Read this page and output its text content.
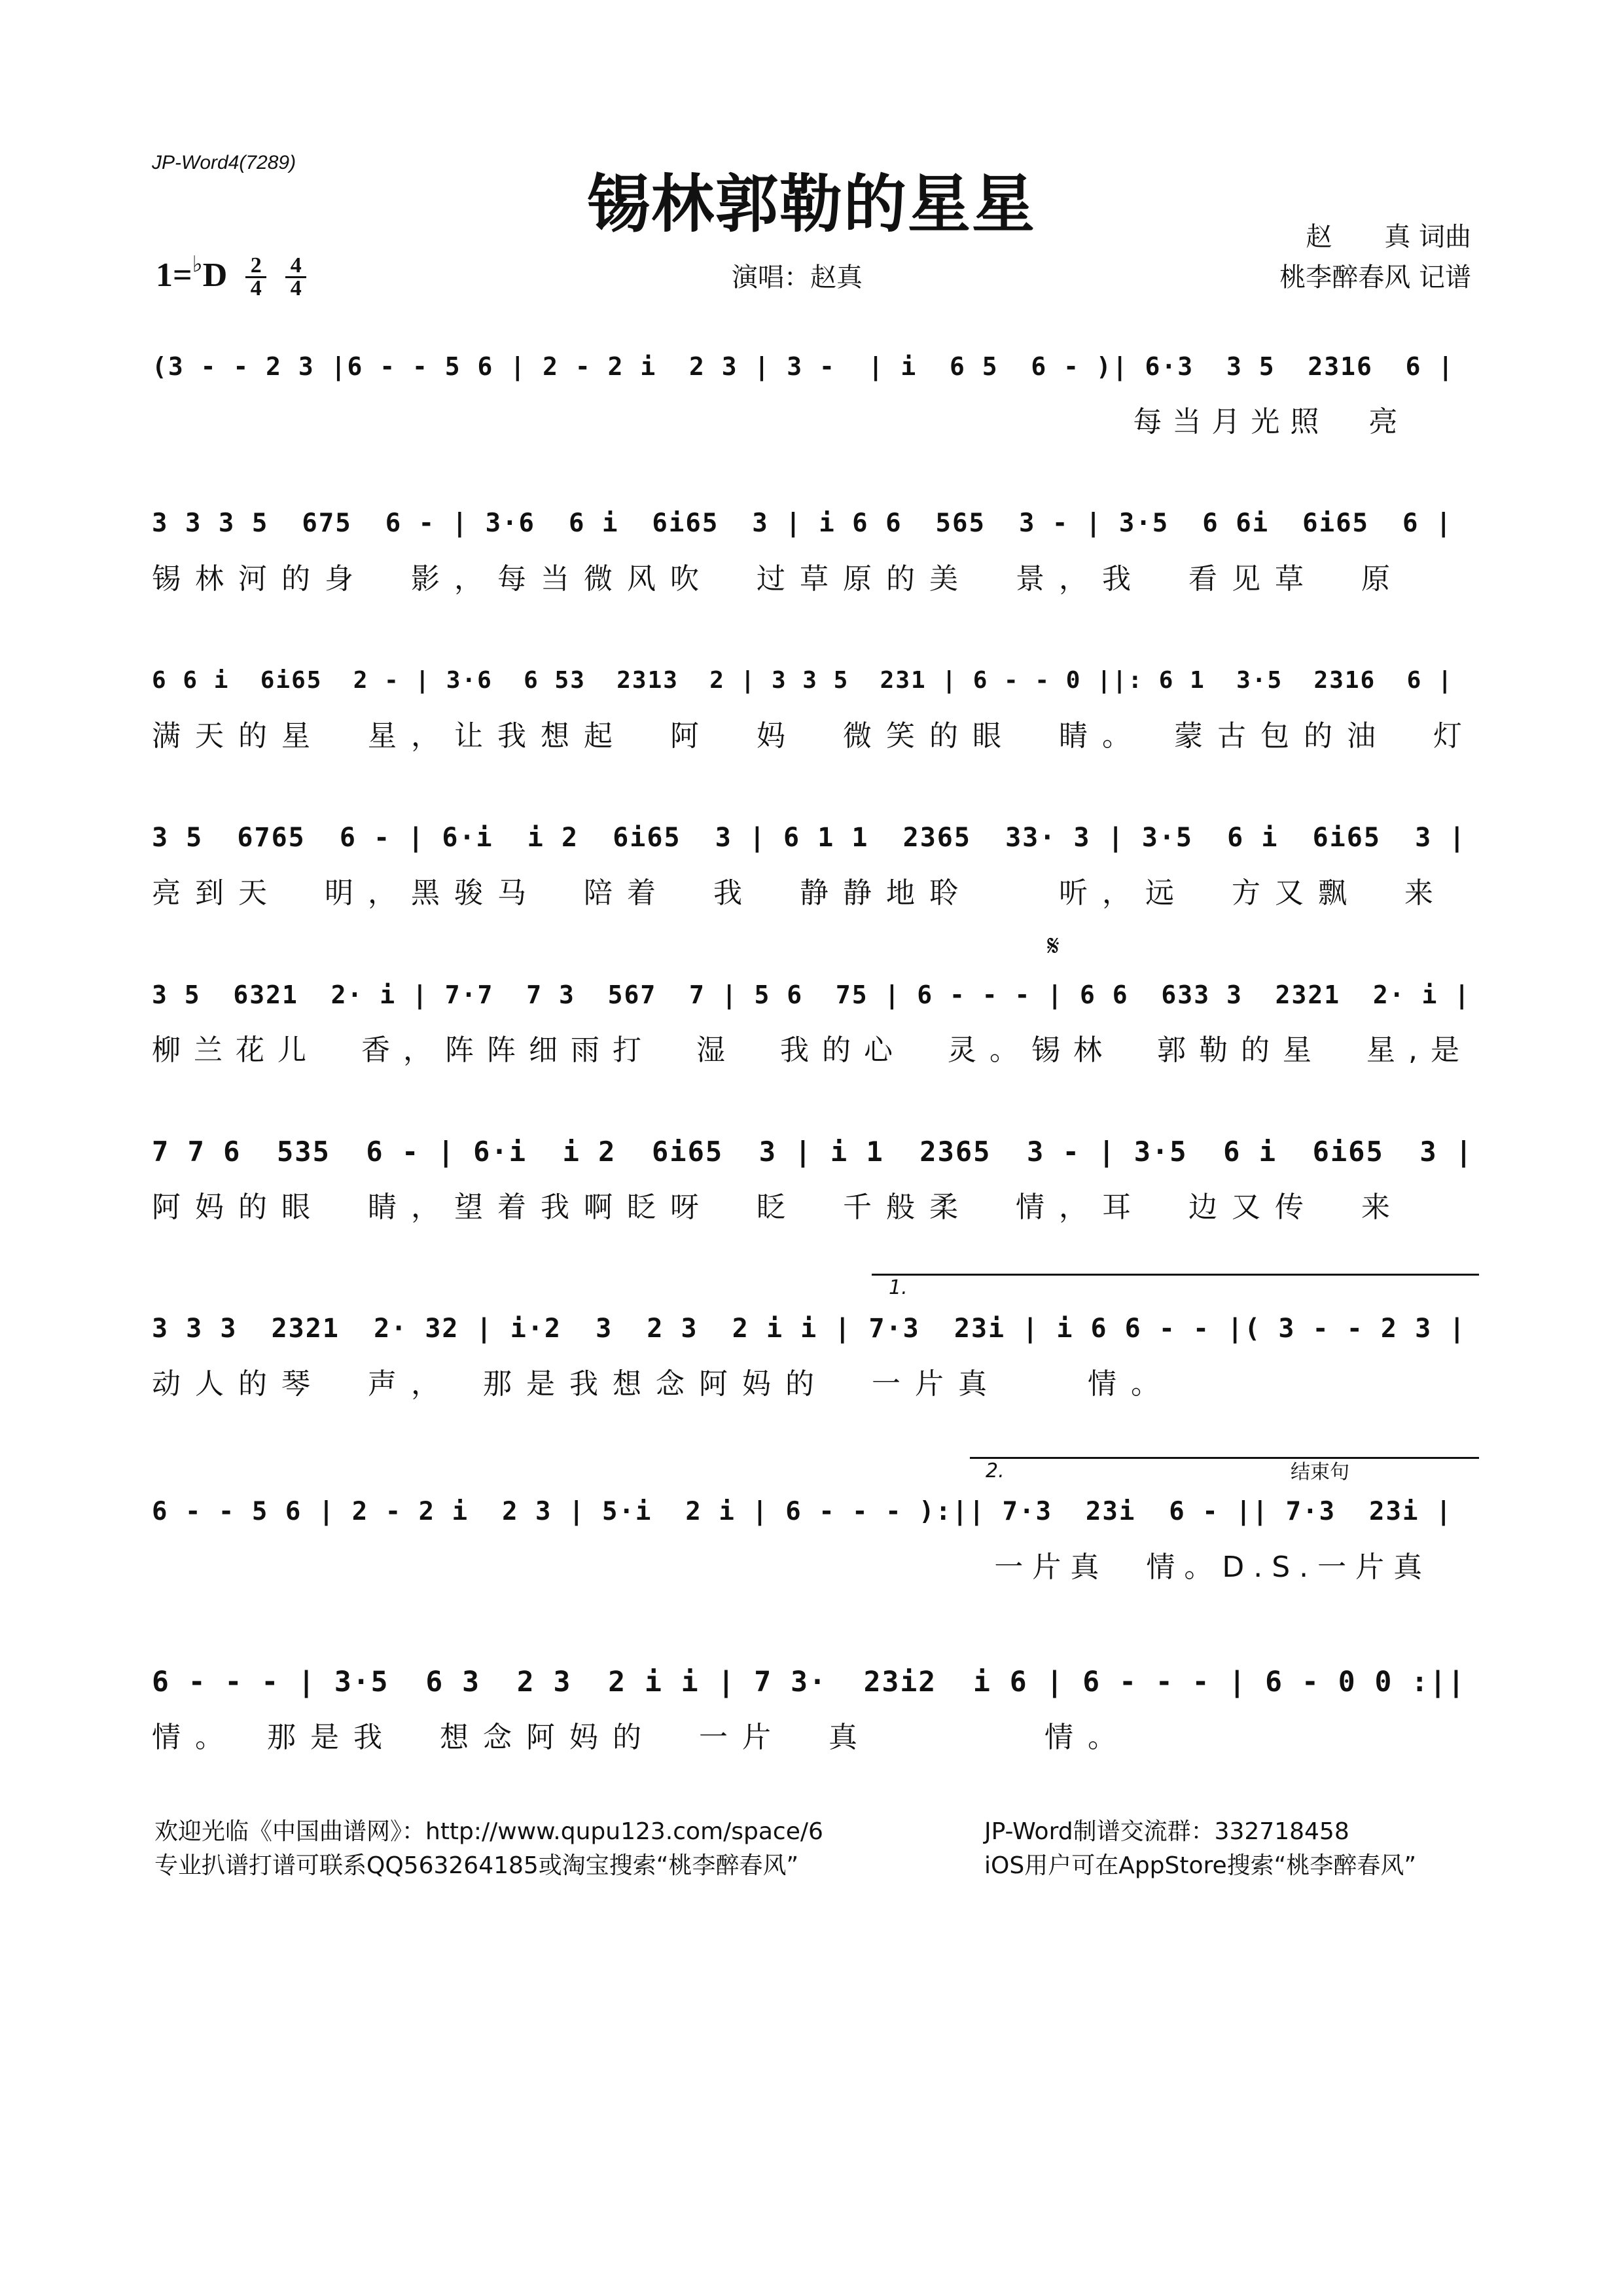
JP-Word4(7289)
锡林郭勒的星星	赵　　真 词曲
桃李醉春风 记谱
$1=^♭D \frac{2}{4}$
$\frac{4}{4}$	演唱：赵真
(3 - - 2 3 |6 - - 5 6 | 2 - 2 i  2 3 | 3 -  | i  6 5  6 - )| 6·3  3 5  2316  6 |
每当月光照　亮
3 3 3 5  675  6 - | 3·6  6 i  6i65  3 | i 6 6  565  3 - | 3·5  6 6i  6i65  6 |
锡林河的身　影，每当微风吹　过草原的美　景，我　看见草　原
6 6 i  6i65  2 - | 3·6  6 53  2313  2 | 3 3 5  231 | 6 - - 0 ||: 6 1  3·5  2316  6 |
满天的星　星，让我想起　阿　妈　微笑的眼　睛。　蒙古包的油　灯
3 5  6765  6 - | 6·i  i 2  6i65  3 | 6 1 1  2365  33· 3 | 3·5  6 i  6i65  3 |
亮到天　明，黑骏马　陪着　我　静静地聆　　听，远　方又飘　来
𝄋
3 5  6321  2· i | 7·7  7 3  567  7 | 5 6  75 | 6 - - - | 6 6  633 3  2321  2· i |
柳兰花儿　香，阵阵细雨打　湿　我的心　灵。锡林　郭勒的星　星,是
7 7 6  535  6 - | 6·i  i 2  6i65  3 | i 1  2365  3 - | 3·5  6 i  6i65  3 |
阿妈的眼　睛，望着我啊眨呀　眨　千般柔　情，耳　边又传　来
1.
3 3 3  2321  2· 32 | i·2  3  2 3  2 i i | 7·3  23i | i 6 6 - - |( 3 - - 2 3 |
动人的琴　声，　那是我想念阿妈的　一片真　　情。
2.	结束句
6 - - 5 6 | 2 - 2 i  2 3 | 5·i  2 i | 6 - - - ):|| 7·3  23i  6 - || 7·3  23i |
一片真　情。D.S.一片真
6 - - - | 3·5  6 3  2 3  2 i i | 7 3·  23i2  i 6 | 6 - - - | 6 - 0 0 :||
情。　那是我　想念阿妈的　一片　真　　　　情。
欢迎光临《中国曲谱网》：http://www.qupu123.com/space/6
专业扒谱打谱可联系QQ563264185或淘宝搜索“桃李醉春风”
JP-Word制谱交流群：332718458
iOS用户可在AppStore搜索“桃李醉春风”
